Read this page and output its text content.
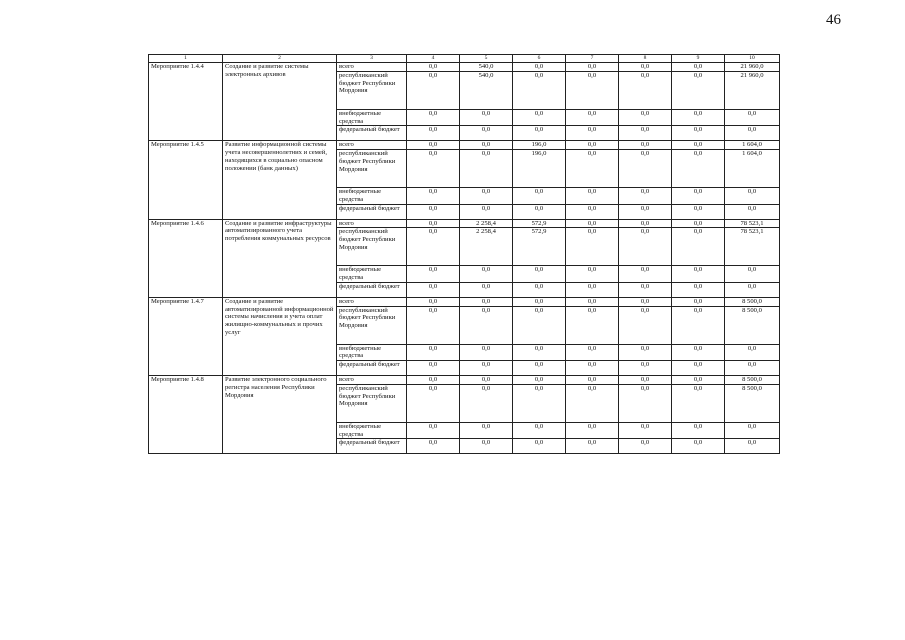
46
1	2	3	4	5	6	7	8	9	10
Мероприятие 1.4.4	Создание и развитие системы электронных архивов	всего	0,0	540,0	0,0	0,0	0,0	0,0	21 960,0
		республиканский бюджет Республики Мордовия	0,0	540,0	0,0	0,0	0,0	0,0	21 960,0
		внебюджетные средства	0,0	0,0	0,0	0,0	0,0	0,0	0,0
		федеральный бюджет	0,0	0,0	0,0	0,0	0,0	0,0	0,0
Мероприятие 1.4.5	Развитие информационной системы учета несовершеннолетних и семей, находящихся в социально опасном положении (банк данных)	всего	0,0	0,0	196,0	0,0	0,0	0,0	1 604,0
		республиканский бюджет Республики Мордовия	0,0	0,0	196,0	0,0	0,0	0,0	1 604,0
		внебюджетные средства	0,0	0,0	0,0	0,0	0,0	0,0	0,0
		федеральный бюджет	0,0	0,0	0,0	0,0	0,0	0,0	0,0
Мероприятие 1.4.6	Создание и развитие инфраструктуры автоматизированного учета потребления коммунальных ресурсов	всего	0,0	2 258,4	572,9	0,0	0,0	0,0	78 523,1
		республиканский бюджет Республики Мордовия	0,0	2 258,4	572,9	0,0	0,0	0,0	78 523,1
		внебюджетные средства	0,0	0,0	0,0	0,0	0,0	0,0	0,0
		федеральный бюджет	0,0	0,0	0,0	0,0	0,0	0,0	0,0
Мероприятие 1.4.7	Создание и развитие автоматизированной информационной системы начисления и учета оплат жилищно-коммунальных и прочих услуг	всего	0,0	0,0	0,0	0,0	0,0	0,0	8 500,0
		республиканский бюджет Республики Мордовия	0,0	0,0	0,0	0,0	0,0	0,0	8 500,0
		внебюджетные средства	0,0	0,0	0,0	0,0	0,0	0,0	0,0
		федеральный бюджет	0,0	0,0	0,0	0,0	0,0	0,0	0,0
Мероприятие 1.4.8	Развитие электронного социального регистра населения Республики Мордовия	всего	0,0	0,0	0,0	0,0	0,0	0,0	8 500,0
		республиканский бюджет Республики Мордовия	0,0	0,0	0,0	0,0	0,0	0,0	8 500,0
		внебюджетные средства	0,0	0,0	0,0	0,0	0,0	0,0	0,0
		федеральный бюджет	0,0	0,0	0,0	0,0	0,0	0,0	0,0
